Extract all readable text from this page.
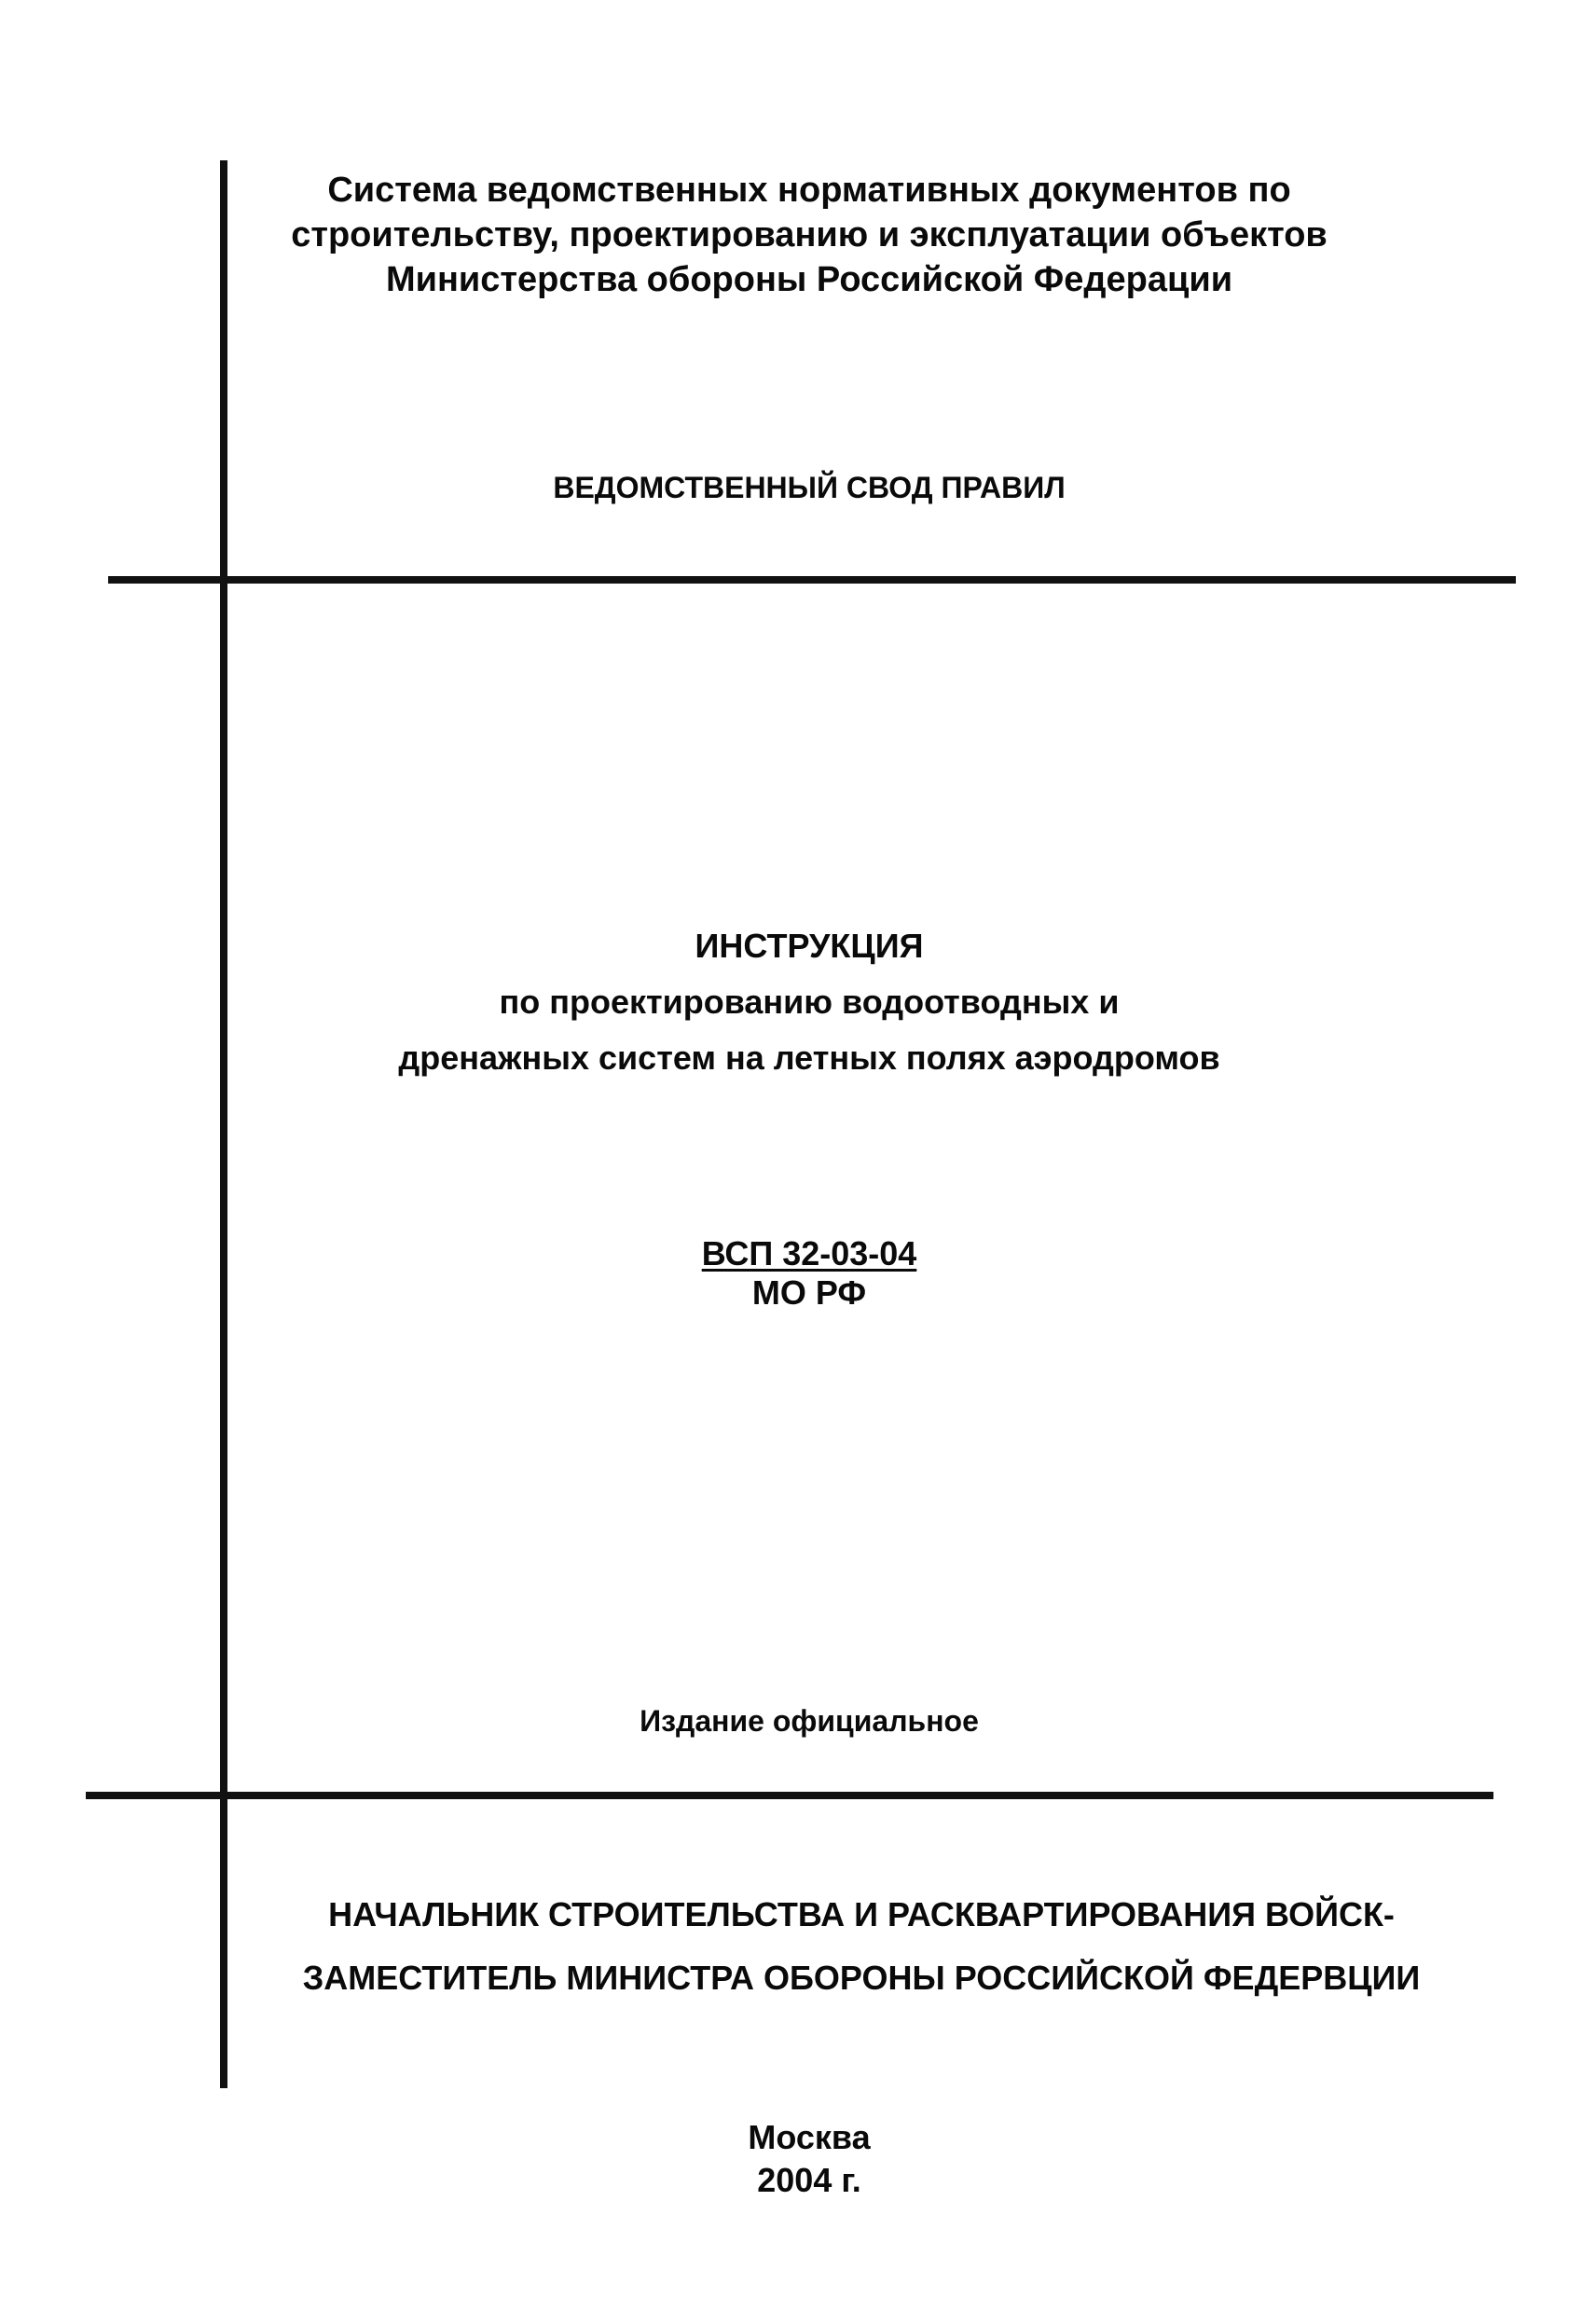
Система ведомственных нормативных документов по
строительству, проектированию и эксплуатации объектов
Министерства обороны Российской Федерации
ВЕДОМСТВЕННЫЙ СВОД ПРАВИЛ
ИНСТРУКЦИЯ
по проектированию водоотводных и
дренажных систем на летных полях аэродромов
ВСП 32-03-04
МО РФ
Издание официальное
НАЧАЛЬНИК СТРОИТЕЛЬСТВА И РАСКВАРТИРОВАНИЯ ВОЙСК-
ЗАМЕСТИТЕЛЬ МИНИСТРА ОБОРОНЫ РОССИЙСКОЙ ФЕДЕРВЦИИ
Москва
2004 г.
